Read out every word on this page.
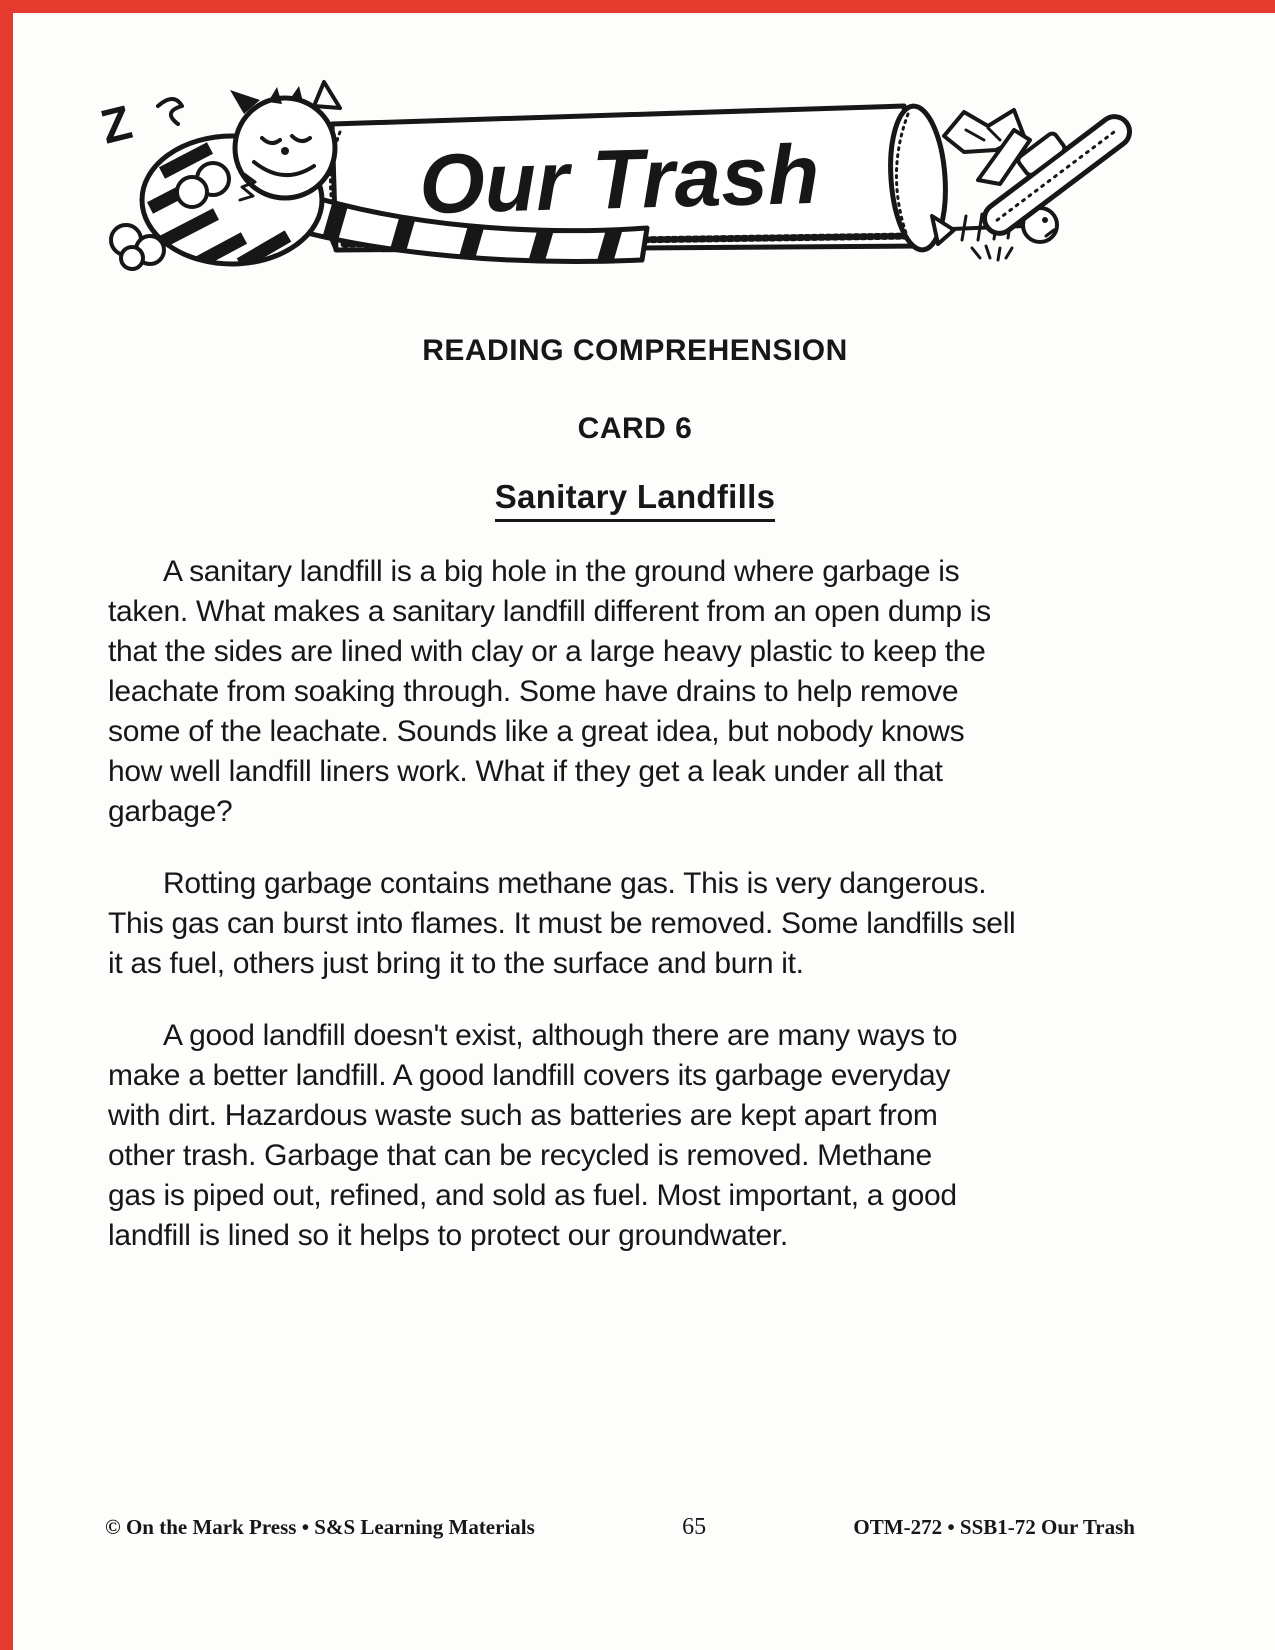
Our Trash
Z
READING COMPREHENSION
CARD 6
Sanitary Landfills
A sanitary landfill is a big hole in the ground where garbage is
taken. What makes a sanitary landfill different from an open dump is
that the sides are lined with clay or a large heavy plastic to keep the
leachate from soaking through. Some have drains to help remove
some of the leachate. Sounds like a great idea, but nobody knows
how well landfill liners work. What if they get a leak under all that
garbage?
Rotting garbage contains methane gas. This is very dangerous.
This gas can burst into flames. It must be removed. Some landfills sell
it as fuel, others just bring it to the surface and burn it.
A good landfill doesn't exist, although there are many ways to
make a better landfill. A good landfill covers its garbage everyday
with dirt. Hazardous waste such as batteries are kept apart from
other trash. Garbage that can be recycled is removed. Methane
gas is piped out, refined, and sold as fuel. Most important, a good
landfill is lined so it helps to protect our groundwater.
© On the Mark Press • S&S Learning Materials	65	OTM-272 • SSB1-72 Our Trash
